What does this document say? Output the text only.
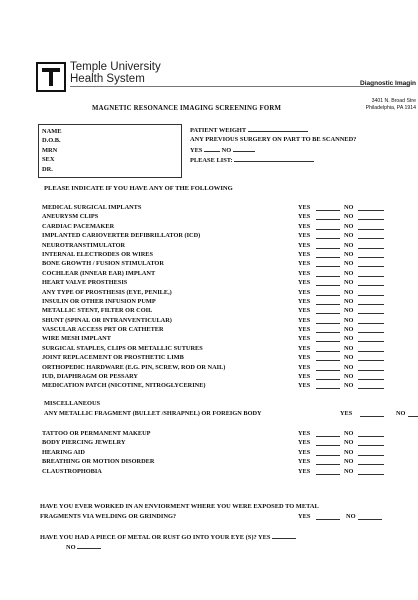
Temple University
Health System	Diagnostic Imagin
3401 N. Broad Stre
Philadelphia, PA 1914
MAGNETIC RESONANCE IMAGING SCREENING FORM
NAME
D.O.B.
MRN
SEX
DR.
PATIENT WEIGHT
ANY PREVIOUS SURGERY ON PART TO BE SCANNED?
YES	NO
PLEASE LIST:
PLEASE INDICATE IF YOU HAVE ANY OF THE FOLLOWING
MEDICAL SURGICAL IMPLANTS	YES	NO
ANEURYSM CLIPS	YES	NO
CARDIAC PACEMAKER	YES	NO
IMPLANTED CARIOVERTER DEFIBRILLATOR (ICD)	YES	NO
NEUROTRANSTIMULATOR	YES	NO
INTERNAL ELECTRODES OR WIRES	YES	NO
BONE GROWTH / FUSION STIMULATOR	YES	NO
COCHLEAR (INNEAR EAR) IMPLANT	YES	NO
HEART VALVE PROSTHESIS	YES	NO
ANY TYPE OF PROSTHESIS (EYE, PENILE,)	YES	NO
INSULIN OR OTHER INFUSION PUMP	YES	NO
METALLIC STENT, FILTER OR COIL	YES	NO
SHUNT (SPINAL OR INTRANVENTICULAR)	YES	NO
VASCULAR ACCESS PRT OR CATHETER	YES	NO
WIRE MESH IMPLANT	YES	NO
SURGICAL STAPLES, CLIPS OR METALLIC SUTURES	YES	NO
JOINT REPLACEMENT OR PROSTHETIC LIMB	YES	NO
ORTHOPEDIC HARDWARE (E.G. PIN, SCREW, ROD OR NAIL)	YES	NO
IUD, DIAPHRAGM OR PESSARY	YES	NO
MEDICATION PATCH (NICOTINE, NITROGLYCERINE)	YES	NO
MISCELLANEOUS
ANY METALLIC FRAGMENT (BULLET /SHRAPNEL) OR FOREIGN BODY	YES	NO
TATTOO OR PERMANENT MAKEUP	YES	NO
BODY PIERCING JEWELRY	YES	NO
HEARING AID	YES	NO
BREATHING OR MOTION DISORDER	YES	NO
CLAUSTROPHOBIA	YES	NO
HAVE YOU EVER WORKED IN AN ENVIORMENT WHERE YOU WERE EXPOSED TO METAL
FRAGMENTS VIA WELDING OR GRINDING?	YES	NO
HAVE YOU HAD A PIECE OF METAL OR RUST GO INTO YOUR EYE (S)? YES
NO
